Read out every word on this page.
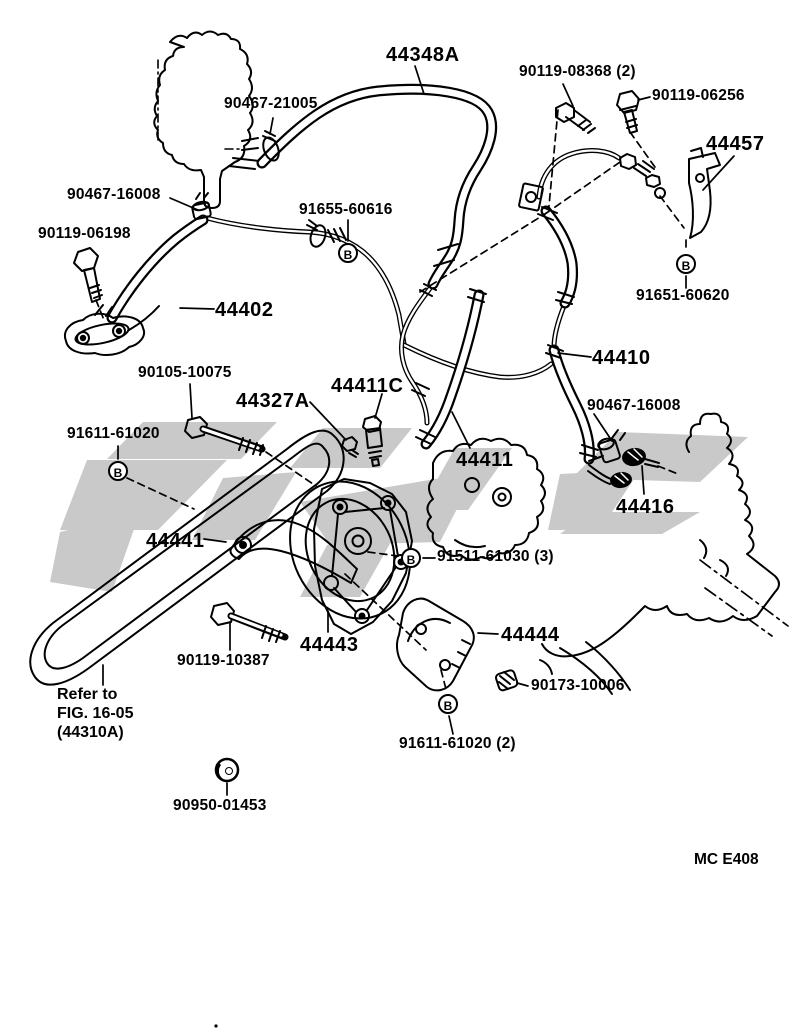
44348A
90467-21005
90119-08368 (2)
90119-06256
44457
90467-16008
91655-60616
90119-06198
91651-60620
44402
44410
90105-10075
44411C
44327A	90467-16008
91611-61020
44411
44416
44441
91511-61030 (3)
44443	44444
90119-10387
90173-10006
91611-61020 (2)
90950-01453
Refer to
FIG. 16-05
(44310A)
MC E408
B
B
B
B
B
